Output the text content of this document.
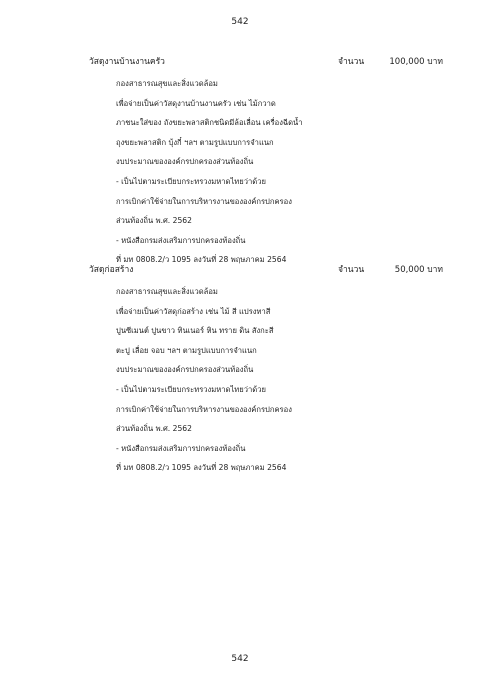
542
วัสดุงานบ้านงานครัว	จำนวน	100,000 บาท
กองสาธารณสุขและสิ่งแวดล้อม
เพื่อจ่ายเป็นค่าวัสดุงานบ้านงานครัว เช่น ไม้กวาด
ภาชนะใส่ของ ถังขยะพลาสติกชนิดมีล้อเลื่อน เครื่องฉีดน้ำ
ถุงขยะพลาสติก บุ้งกี๋ ฯลฯ ตามรูปแบบการจำแนก
งบประมาณขององค์กรปกครองส่วนท้องถิ่น
- เป็นไปตามระเบียบกระทรวงมหาดไทยว่าด้วย
การเบิกค่าใช้จ่ายในการบริหารงานขององค์กรปกครอง
ส่วนท้องถิ่น พ.ศ. 2562
- หนังสือกรมส่งเสริมการปกครองท้องถิ่น
ที่ มท 0808.2/ว 1095 ลงวันที่ 28 พฤษภาคม 2564
วัสดุก่อสร้าง	จำนวน	50,000 บาท
กองสาธารณสุขและสิ่งแวดล้อม
เพื่อจ่ายเป็นค่าวัสดุก่อสร้าง เช่น ไม้ สี แปรงทาสี
ปูนซีเมนต์ ปูนขาว ทินเนอร์ หิน ทราย ดิน สังกะสี
ตะปู เลื่อย จอบ ฯลฯ ตามรูปแบบการจำแนก
งบประมาณขององค์กรปกครองส่วนท้องถิ่น
- เป็นไปตามระเบียบกระทรวงมหาดไทยว่าด้วย
การเบิกค่าใช้จ่ายในการบริหารงานขององค์กรปกครอง
ส่วนท้องถิ่น พ.ศ. 2562
- หนังสือกรมส่งเสริมการปกครองท้องถิ่น
ที่ มท 0808.2/ว 1095 ลงวันที่ 28 พฤษภาคม 2564
542
